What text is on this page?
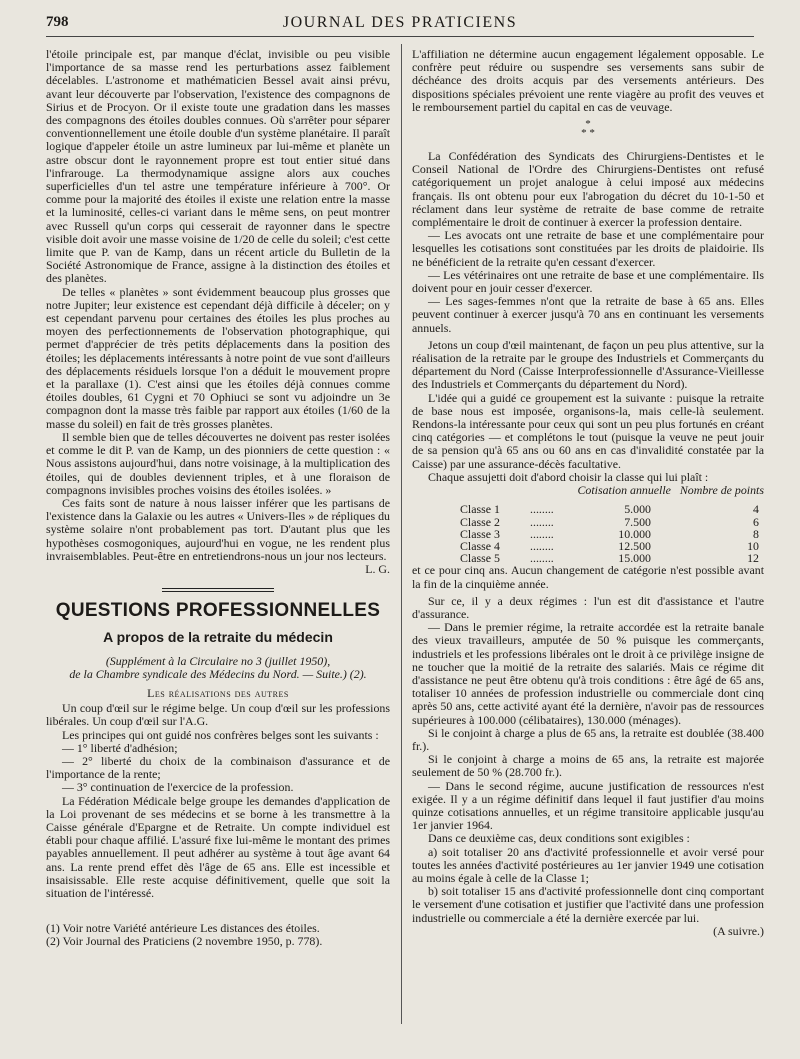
798	JOURNAL DES PRATICIENS

l'étoile principale est, par manque d'éclat, invisible ou peu visible l'importance de sa masse rend les perturbations assez faiblement décelables. L'astronome et mathématicien Bessel avait ainsi prévu, avant leur découverte par l'observation, l'existence des compagnons de Sirius et de Procyon. Or il existe toute une gradation dans les masses des compagnons des étoiles doubles connues. Où s'arrêter pour séparer conventionnellement une étoile double d'un système planétaire. Il paraît logique d'appeler étoile un astre lumineux par lui-même et planète un astre obscur dont le rayonnement propre est tout entier situé dans l'infrarouge. La thermodynamique assigne alors aux couches superficielles d'un tel astre une température inférieure à 700°. Or comme pour la majorité des étoiles il existe une relation entre la masse et la luminosité, celles-ci variant dans le même sens, on peut montrer avec Russell qu'un corps qui cesserait de rayonner dans le spectre visible doit avoir une masse voisine de 1/20 de celle du soleil; c'est cette limite que P. van de Kamp, dans un récent article du Bulletin de la Société Astronomique de France, assigne à la distinction des étoiles et des planètes.

De telles « planètes » sont évidemment beaucoup plus grosses que notre Jupiter; leur existence est cependant déjà difficile à déceler; on y est cependant parvenu pour certaines des étoiles les plus proches au moyen des perfectionnements de l'observation photographique, qui permet d'apprécier de très petits déplacements dans la position des étoiles; les déplacements intéressants à notre point de vue sont d'ailleurs des déplacements résiduels lorsque l'on a déduit le mouvement propre et la parallaxe (1). C'est ainsi que les étoiles déjà connues comme étoiles doubles, 61 Cygni et 70 Ophiuci se sont vu adjoindre un 3e compagnon dont la masse très faible par rapport aux étoiles (1/60 de la masse du soleil) en fait de très grosses planètes.

Il semble bien que de telles découvertes ne doivent pas rester isolées et comme le dit P. van de Kamp, un des pionniers de cette question : « Nous assistons aujourd'hui, dans notre voisinage, à la multiplication des étoiles, qui de doubles deviennent triples, et à une floraison de compagnons invisibles proches voisins des étoiles isolées. »

Ces faits sont de nature à nous laisser inférer que les partisans de l'existence dans la Galaxie ou les autres « Univers-Iles » de répliques du système solaire n'ont probablement pas tort. D'autant plus que les hypothèses cosmogoniques, aujourd'hui en vogue, ne les rendent plus invraisemblables. Peut-être en entretiendrons-nous un jour nos lecteurs.

L. G.

QUESTIONS PROFESSIONNELLES
A propos de la retraite du médecin

(Supplément à la Circulaire no 3 (juillet 1950),

de la Chambre syndicale des Médecins du Nord. — Suite.) (2).

Les réalisations des autres

Un coup d'œil sur le régime belge. Un coup d'œil sur les professions libérales. Un coup d'œil sur l'A.G.

Les principes qui ont guidé nos confrères belges sont les suivants :

— 1° liberté d'adhésion;

— 2° liberté du choix de la combinaison d'assurance et de l'importance de la rente;

— 3° continuation de l'exercice de la profession.

La Fédération Médicale belge groupe les demandes d'application de la Loi provenant de ses médecins et se borne à les transmettre à la Caisse générale d'Epargne et de Retraite. Un compte individuel est établi pour chaque affilié. L'assuré fixe lui-même le montant des primes payables annuellement. Il peut adhérer au système à tout âge avant 64 ans. La rente prend effet dès l'âge de 65 ans. Elle est incessible et insaisissable. Elle reste acquise définitivement, quelle que soit la situation de l'intéressé.

(1) Voir notre Variété antérieure Les distances des étoiles.

(2) Voir Journal des Praticiens (2 novembre 1950, p. 778).

L'affiliation ne détermine aucun engagement légalement opposable. Le confrère peut réduire ou suspendre ses versements sans subir de déchéance des droits acquis par des versements antérieurs. Des dispositions spéciales prévoient une rente viagère au profit des veuves et le remboursement partiel du capital en cas de veuvage.

*
* *

La Confédération des Syndicats des Chirurgiens-Dentistes et le Conseil National de l'Ordre des Chirurgiens-Dentistes ont refusé catégoriquement un projet analogue à celui imposé aux médecins français. Ils ont obtenu pour eux l'abrogation du décret du 10-1-50 et réclament dans leur système de retraite de base comme de retraite complémentaire le droit de continuer à exercer la profession dentaire.

— Les avocats ont une retraite de base et une complémentaire pour lesquelles les cotisations sont constituées par les droits de plaidoirie. Ils ne bénéficient de la retraite qu'en cessant d'exercer.

— Les vétérinaires ont une retraite de base et une complémentaire. Ils doivent pour en jouir cesser d'exercer.

— Les sages-femmes n'ont que la retraite de base à 65 ans. Elles peuvent continuer à exercer jusqu'à 70 ans en continuant les versements annuels.

Jetons un coup d'œil maintenant, de façon un peu plus attentive, sur la réalisation de la retraite par le groupe des Industriels et Commerçants du département du Nord (Caisse Interprofessionnelle d'Assurance-Vieillesse des Industriels et Commerçants du département du Nord).

L'idée qui a guidé ce groupement est la suivante : puisque la retraite de base nous est imposée, organisons-la, mais celle-là seulement. Rendons-la intéressante pour ceux qui sont un peu plus fortunés en créant cinq catégories — et complétons le tout (puisque la veuve ne peut jouir de sa pension qu'à 65 ans ou 60 ans en cas d'invalidité constatée par la Caisse) par une assurance-décès facultative.

Chaque assujetti doit d'abord choisir la classe qui lui plaît :

Cotisation annuelle Nombre de points

Classe 1	........	5.000	4
Classe 2	........	7.500	6
Classe 3	........	10.000	8
Classe 4	........	12.500	10
Classe 5	........	15.000	12

et ce pour cinq ans. Aucun changement de catégorie n'est possible avant la fin de la cinquième année.

Sur ce, il y a deux régimes : l'un est dit d'assistance et l'autre d'assurance.

— Dans le premier régime, la retraite accordée est la retraite banale des vieux travailleurs, amputée de 50 % puisque les commerçants, industriels et les professions libérales ont le droit à ce privilège insigne de ne toucher que la moitié de la retraite des salariés. Mais ce régime dit d'assistance ne peut être obtenu qu'à trois conditions : être âgé de 65 ans, totaliser 10 années de profession industrielle ou commerciale dont cinq après 50 ans, cette activité ayant été la dernière, n'avoir pas de ressources supérieures à 100.000 (célibataires), 130.000 (ménages).

Si le conjoint à charge a plus de 65 ans, la retraite est doublée (38.400 fr.).

Si le conjoint à charge a moins de 65 ans, la retraite est majorée seulement de 50 % (28.700 fr.).

— Dans le second régime, aucune justification de ressources n'est exigée. Il y a un régime définitif dans lequel il faut justifier d'au moins quinze cotisations annuelles, et un régime transitoire applicable jusqu'au 1er janvier 1964.

Dans ce deuxième cas, deux conditions sont exigibles :

a) soit totaliser 20 ans d'activité professionnelle et avoir versé pour toutes les années d'activité postérieures au 1er janvier 1949 une cotisation au moins égale à celle de la Classe 1;

b) soit totaliser 15 ans d'activité professionnelle dont cinq comportant le versement d'une cotisation et justifier que l'activité dans une profession industrielle ou commerciale a été la dernière exercée par lui.

(A suivre.)
